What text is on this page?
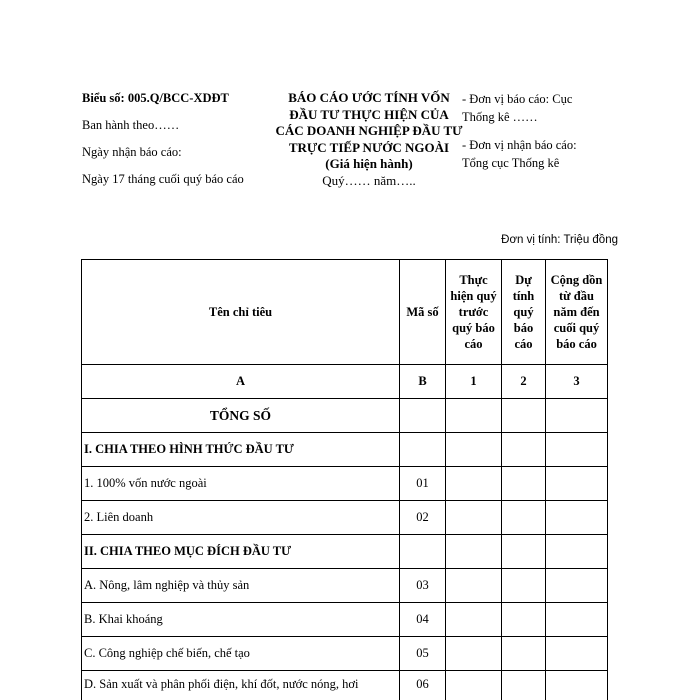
Biểu số: 005.Q/BCC-XDĐT
Ban hành theo……
Ngày nhận báo cáo:
Ngày 17 tháng cuối quý báo cáo
BÁO CÁO ƯỚC TÍNH VỐN ĐẦU TƯ THỰC HIỆN CỦA CÁC DOANH NGHIỆP ĐẦU TƯ TRỰC TIẾP NƯỚC NGOÀI
(Giá hiện hành)
Quý…… năm…..
- Đơn vị báo cáo: Cục Thống kê ……
- Đơn vị nhận báo cáo: Tổng cục Thống kê
Đơn vị tính: Triệu đồng
Tên chỉ tiêu	Mã số	Thực hiện quý trước quý báo cáo	Dự tính quý báo cáo	Cộng dồn từ đầu năm đến cuối quý báo cáo
A	B	1	2	3
TỔNG SỐ				
I. CHIA THEO HÌNH THỨC ĐẦU TƯ				
1. 100% vốn nước ngoài	01			
2. Liên doanh	02			
II. CHIA THEO MỤC ĐÍCH ĐẦU TƯ				
A. Nông, lâm nghiệp và thủy sản	03			
B. Khai khoáng	04			
C. Công nghiệp chế biến, chế tạo	05			
D. Sản xuất và phân phối điện, khí đốt, nước nóng, hơi	06			
